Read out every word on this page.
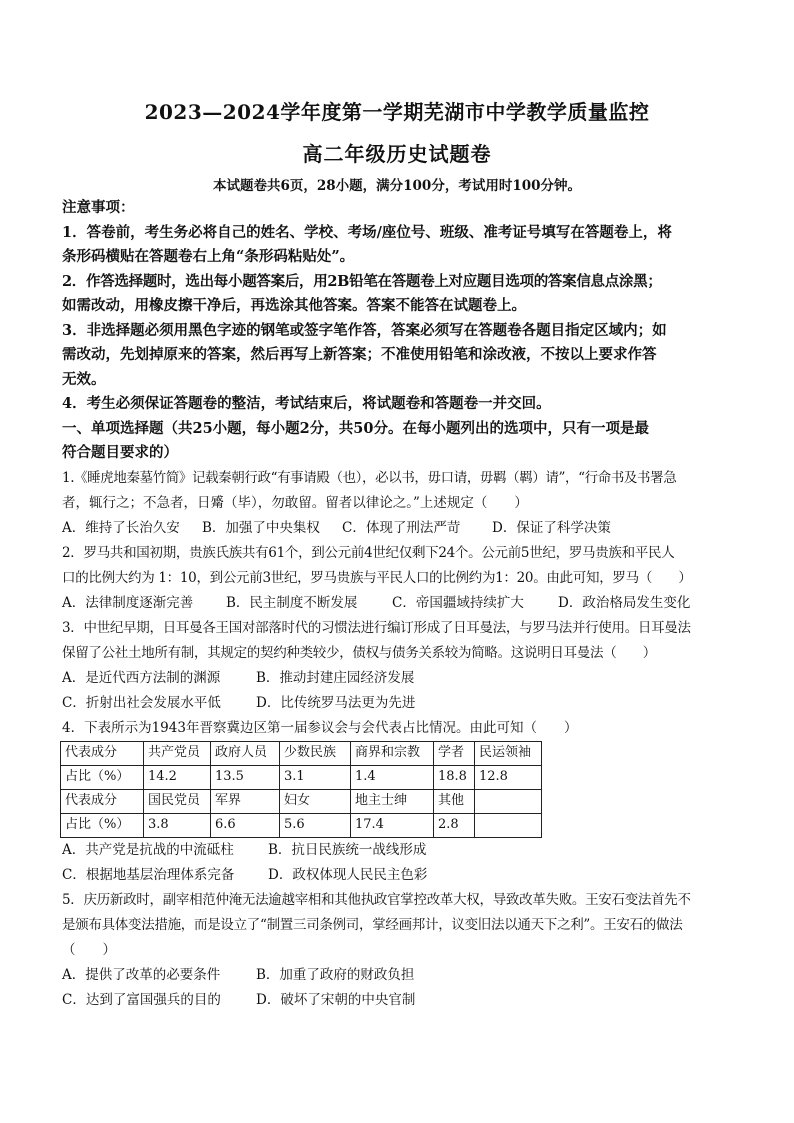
2023—2024学年度第一学期芜湖市中学教学质量监控
高二年级历史试题卷
本试题卷共6页，28小题，满分100分，考试用时100分钟。

注意事项：

1．答卷前，考生务必将自己的姓名、学校、考场/座位号、班级、准考证号填写在答题卷上，将

条形码横贴在答题卷右上角“条形码粘贴处”。

2．作答选择题时，选出每小题答案后，用2B铅笔在答题卷上对应题目选项的答案信息点涂黑；

如需改动，用橡皮擦干净后，再选涂其他答案。答案不能答在试题卷上。

3．非选择题必须用黑色字迹的钢笔或签字笔作答，答案必须写在答题卷各题目指定区域内；如

需改动，先划掉原来的答案，然后再写上新答案；不准使用铅笔和涂改液，不按以上要求作答

无效。

4．考生必须保证答题卷的整洁，考试结束后，将试题卷和答题卷一并交回。

一、单项选择题（共25小题，每小题2分，共50分。在每小题列出的选项中，只有一项是最

符合题目要求的）

1.《睡虎地秦墓竹简》记载秦朝行政“有事请殿（也），必以书，毋口请，毋羁（羁）请”，“行命书及书署急

者，辄行之；不急者，日觱（毕），勿敢留。留者以律论之。”上述规定（　　）

A．维持了长治久安 B．加强了中央集权 C．体现了刑法严苛 D．保证了科学决策

2．罗马共和国初期，贵族氏族共有61个，到公元前4世纪仅剩下24个。公元前5世纪，罗马贵族和平民人

口的比例大约为 1：10，到公元前3世纪，罗马贵族与平民人口的比例约为1：20。由此可知，罗马（　　）

A．法律制度逐渐完善 B．民主制度不断发展	C．帝国疆域持续扩大	D．政治格局发生变化

3．中世纪早期，日耳曼各王国对部落时代的习惯法进行编订形成了日耳曼法，与罗马法并行使用。日耳曼法

保留了公社土地所有制，其规定的契约种类较少，债权与债务关系较为简略。这说明日耳曼法（　　）

A．是近代西方法制的渊源	B．推动封建庄园经济发展

C．折射出社会发展水平低	D．比传统罗马法更为先进

4．下表所示为1943年晋察冀边区第一届参议会与会代表占比情况。由此可知（　　）

代表成分	共产党员	政府人员	少数民族	商界和宗教	学者	民运领袖
占比（%）	14.2	13.5	3.1	1.4	18.8	12.8
代表成分	国民党员	军界	妇女	地主士绅	其他	
占比（%）	3.8	6.6	5.6	17.4	2.8	

A．共产党是抗战的中流砥柱	B．抗日民族统一战线形成

C．根据地基层治理体系完备 D．政权体现人民民主色彩

5．庆历新政时，副宰相范仲淹无法逾越宰相和其他执政官掌控改革大权，导致改革失败。王安石变法首先不

是颁布具体变法措施，而是设立了“制置三司条例司，掌经画邦计，议变旧法以通天下之利”。王安石的做法

（　　）

A．提供了改革的必要条件	B．加重了政府的财政负担

C．达到了富国强兵的目的	D．破坏了宋朝的中央官制
